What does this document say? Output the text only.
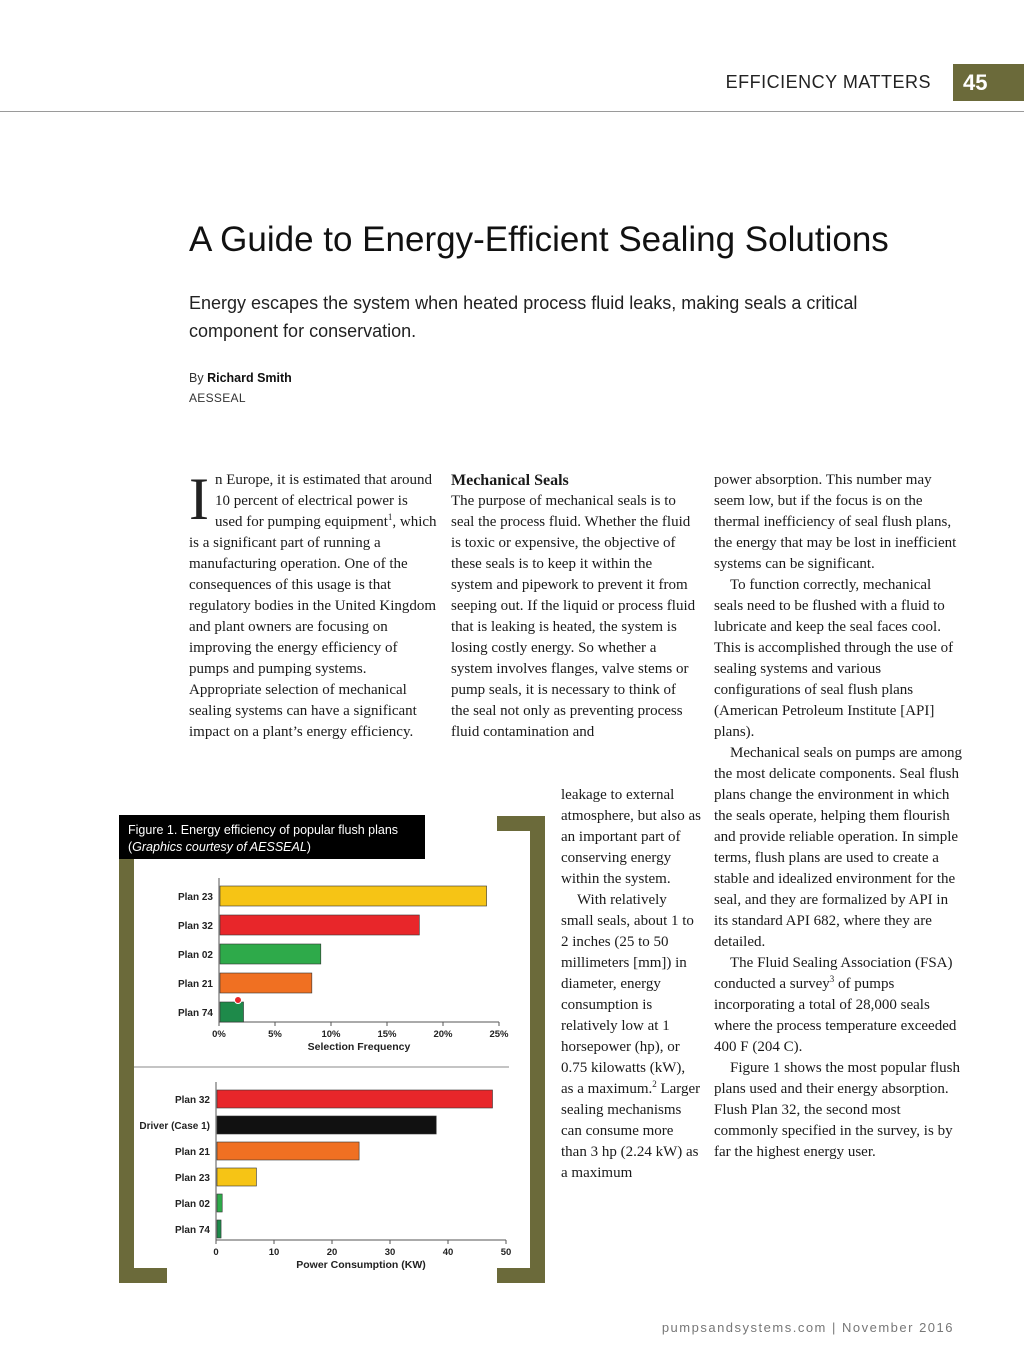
EFFICIENCY MATTERS	45
A Guide to Energy-Efficient Sealing Solutions
Energy escapes the system when heated process fluid leaks, making seals a critical component for conservation.
By Richard Smith
AESSEAL

In Europe, it is estimated that around 10 percent of electrical power is used for pumping equipment$^1$, which is a significant part of running a manufacturing operation. One of the consequences of this usage is that regulatory bodies in the United Kingdom and plant owners are focusing on improving the energy efficiency of pumps and pumping systems. Appropriate selection of mechanical sealing systems can have a significant impact on a plant’s energy efficiency.

Mechanical Seals

The purpose of mechanical seals is to seal the process fluid. Whether the fluid is toxic or expensive, the objective of these seals is to keep it within the system and pipework to prevent it from seeping out. If the liquid or process fluid that is leaking is heated, the system is losing costly energy. So whether a system involves flanges, valve stems or pump seals, it is necessary to think of the seal not only as preventing process fluid contamination and

leakage to external atmosphere, but also as an important part of conserving energy within the system.

With relatively small seals, about 1 to 2 inches (25 to 50 millimeters [mm]) in diameter, energy consumption is relatively low at 1 horsepower (hp), or 0.75 kilowatts (kW), as a maximum.$^2$ Larger sealing mechanisms can consume more than 3 hp (2.24 kW) as a maximum

power absorption. This number may seem low, but if the focus is on the thermal inefficiency of seal flush plans, the energy that may be lost in inefficient systems can be significant.

To function correctly, mechanical seals need to be flushed with a fluid to lubricate and keep the seal faces cool. This is accomplished through the use of sealing systems and various configurations of seal flush plans (American Petroleum Institute [API] plans).

Mechanical seals on pumps are among the most delicate components. Seal flush plans change the environment in which the seals operate, helping them flourish and provide reliable operation. In simple terms, flush plans are used to create a stable and idealized environment for the seal, and they are formalized by API in its standard API 682, where they are detailed.

The Fluid Sealing Association (FSA) conducted a survey$^3$ of pumps incorporating a total of 28,000 seals where the process temperature exceeded 400 F (204 C).

Figure 1 shows the most popular flush plans used and their energy absorption. Flush Plan 32, the second most commonly specified in the survey, is by far the highest energy user.

Plan 23
Plan 32
Plan 02
Plan 21
Plan 74
0%	5%	10%	15%	20%	25%
Selection Frequency
Plan 32
Driver (Case 1)
Plan 21
Plan 23
Plan 02
Plan 74
0	10	20	30	40	50
Power Consumption (KW)
Figure 1. Energy efficiency of popular flush plans (Graphics courtesy of AESSEAL)
pumpsandsystems.com | November 2016
